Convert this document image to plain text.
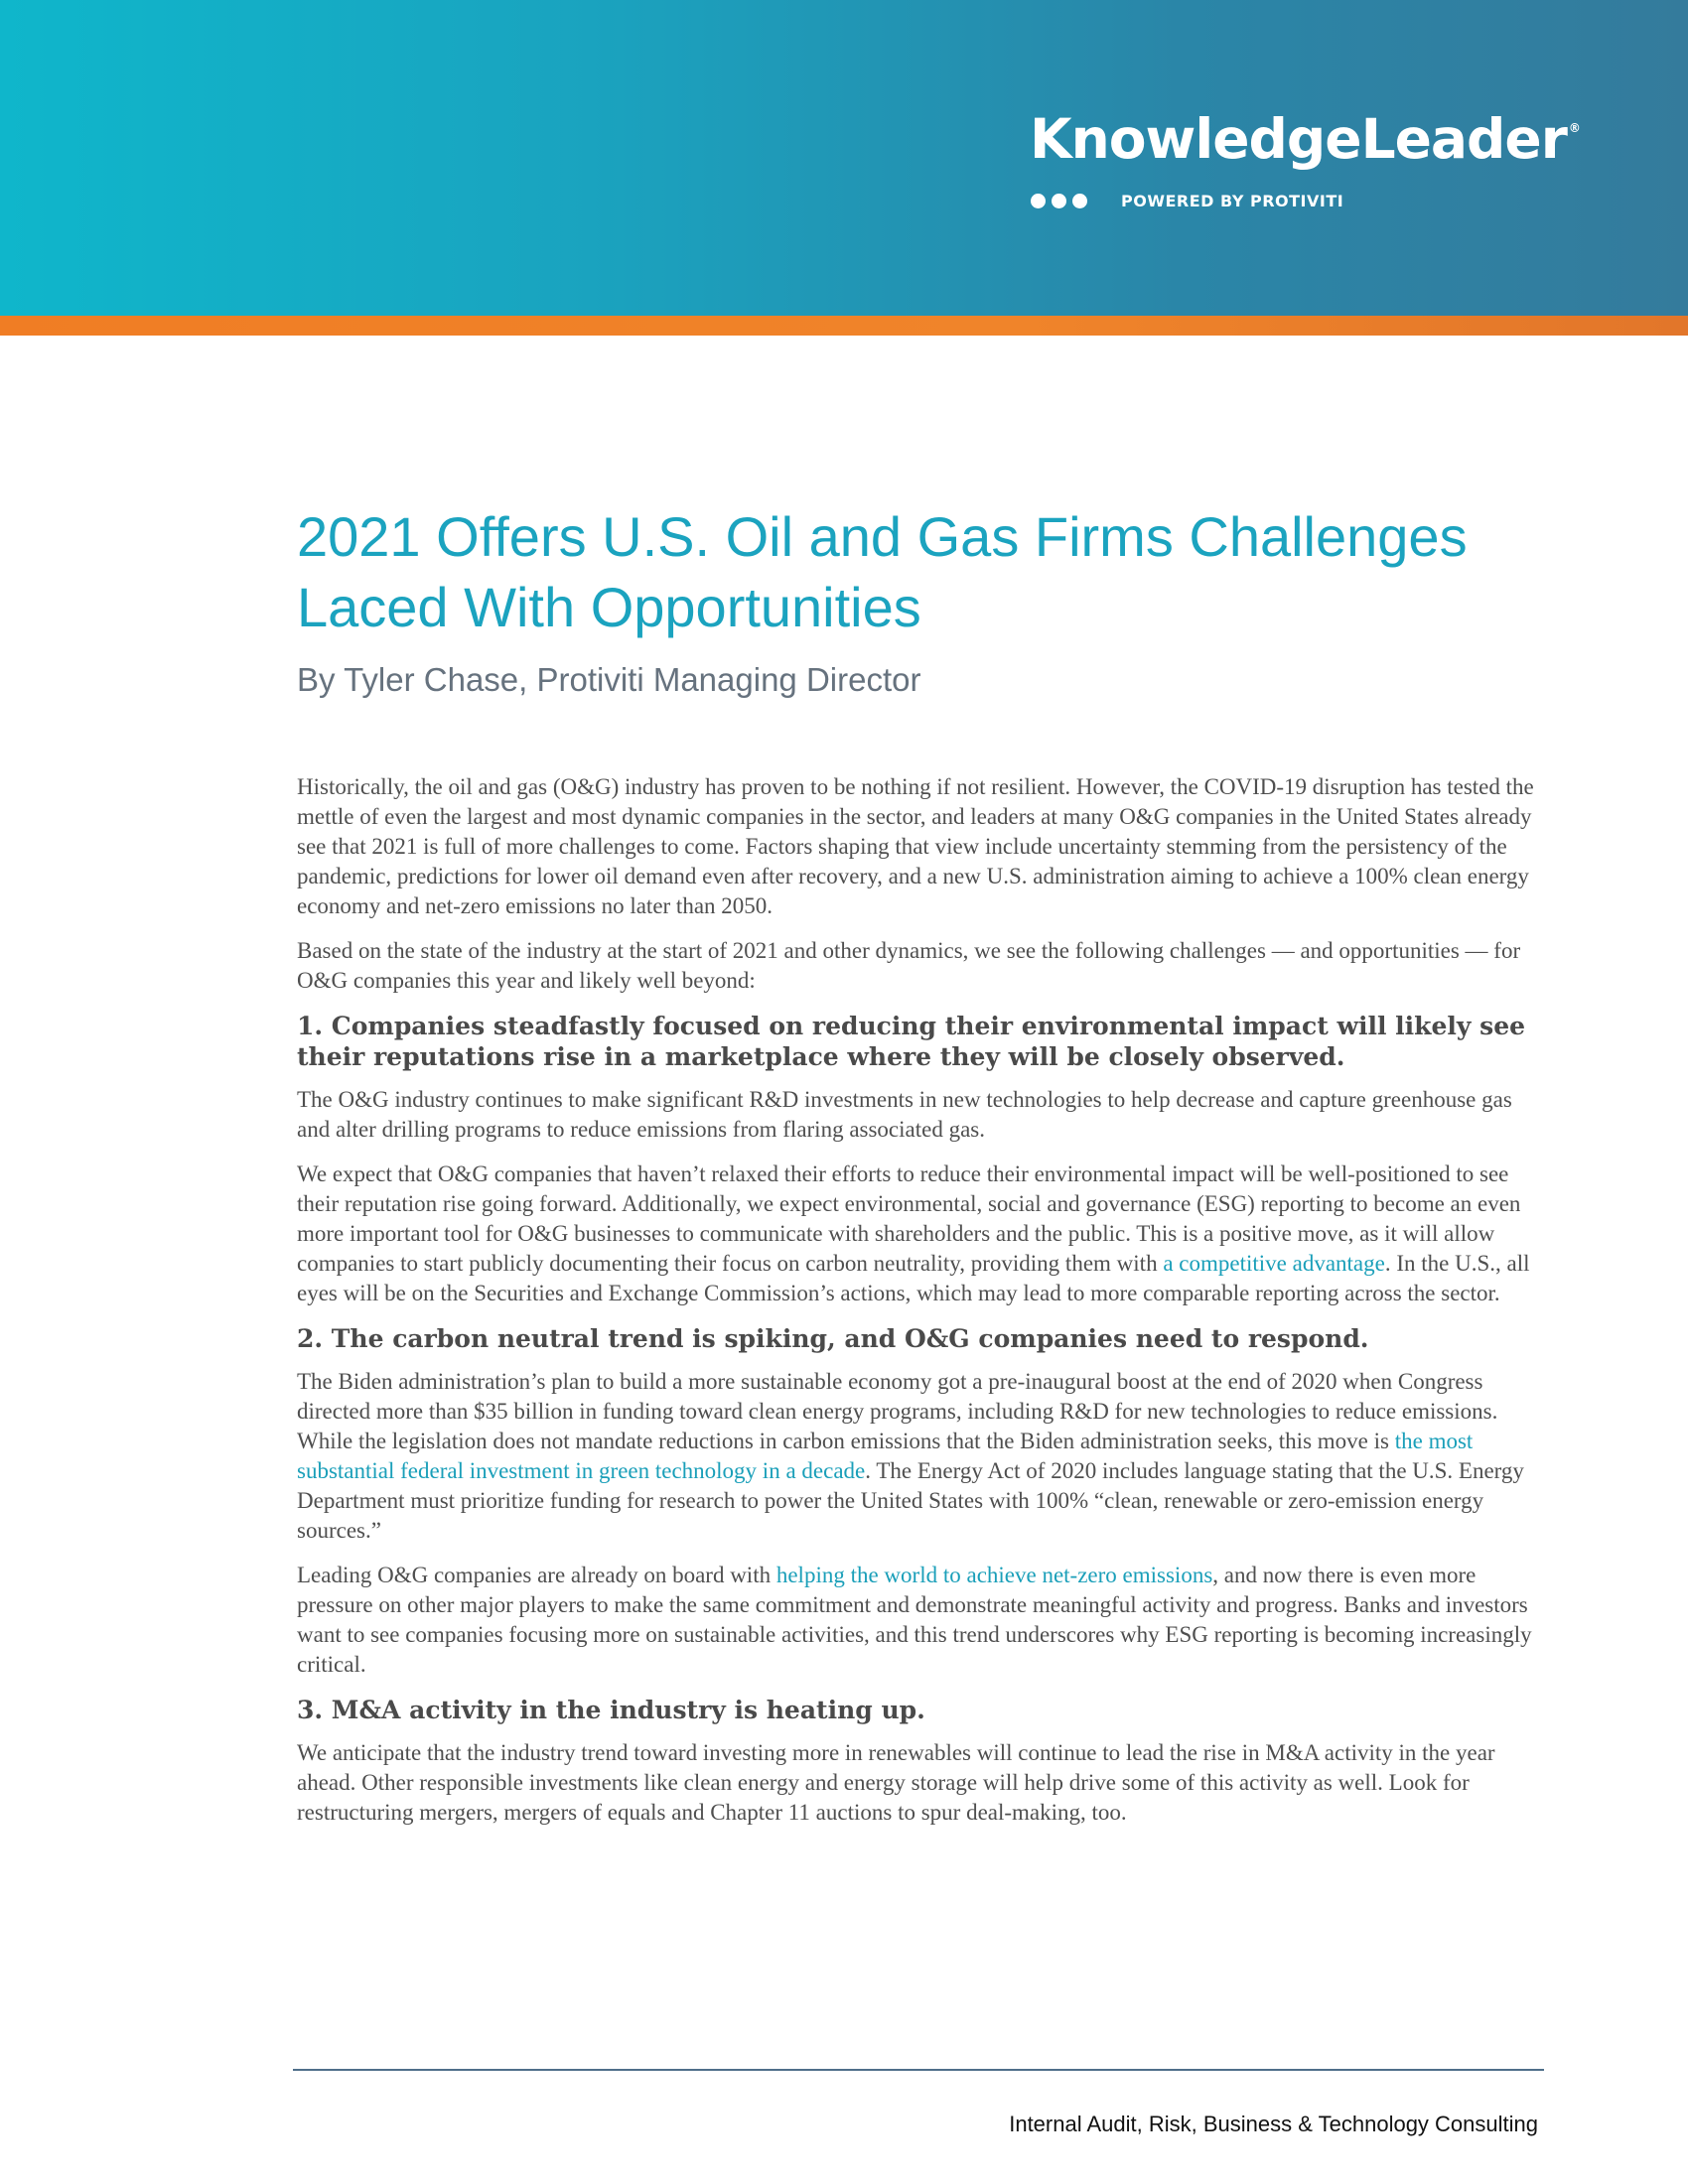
KnowledgeLeader ®
POWERED BY PROTIVITI
2021 Offers U.S. Oil and Gas Firms Challenges Laced With Opportunities

By Tyler Chase, Protiviti Managing Director

Historically, the oil and gas (O&G) industry has proven to be nothing if not resilient. However, the COVID-19 disruption has tested the mettle of even the largest and most dynamic companies in the sector, and leaders at many O&G companies in the United States already see that 2021 is full of more challenges to come. Factors shaping that view include uncertainty stemming from the persistency of the pandemic, predictions for lower oil demand even after recovery, and a new U.S. administration aiming to achieve a 100% clean energy economy and net-zero emissions no later than 2050.

Based on the state of the industry at the start of 2021 and other dynamics, we see the following challenges — and opportunities — for O&G companies this year and likely well beyond:

1. Companies steadfastly focused on reducing their environmental impact will likely see their reputations rise in a marketplace where they will be closely observed.

The O&G industry continues to make significant R&D investments in new technologies to help decrease and capture greenhouse gas and alter drilling programs to reduce emissions from flaring associated gas.

We expect that O&G companies that haven’t relaxed their efforts to reduce their environmental impact will be well-positioned to see their reputation rise going forward. Additionally, we expect environmental, social and governance (ESG) reporting to become an even more important tool for O&G businesses to communicate with shareholders and the public. This is a positive move, as it will allow companies to start publicly documenting their focus on carbon neutrality, providing them with a competitive advantage. In the U.S., all eyes will be on the Securities and Exchange Commission’s actions, which may lead to more comparable reporting across the sector.

2. The carbon neutral trend is spiking, and O&G companies need to respond.

The Biden administration’s plan to build a more sustainable economy got a pre-inaugural boost at the end of 2020 when Congress directed more than $35 billion in funding toward clean energy programs, including R&D for new technologies to reduce emissions. While the legislation does not mandate reductions in carbon emissions that the Biden administration seeks, this move is the most substantial federal investment in green technology in a decade. The Energy Act of 2020 includes language stating that the U.S. Energy Department must prioritize funding for research to power the United States with 100% “clean, renewable or zero-emission energy sources.”

Leading O&G companies are already on board with helping the world to achieve net-zero emissions, and now there is even more pressure on other major players to make the same commitment and demonstrate meaningful activity and progress. Banks and investors want to see companies focusing more on sustainable activities, and this trend underscores why ESG reporting is becoming increasingly critical.

3. M&A activity in the industry is heating up.

We anticipate that the industry trend toward investing more in renewables will continue to lead the rise in M&A activity in the year ahead. Other responsible investments like clean energy and energy storage will help drive some of this activity as well. Look for restructuring mergers, mergers of equals and Chapter 11 auctions to spur deal-making, too.

Internal Audit, Risk, Business & Technology Consulting
